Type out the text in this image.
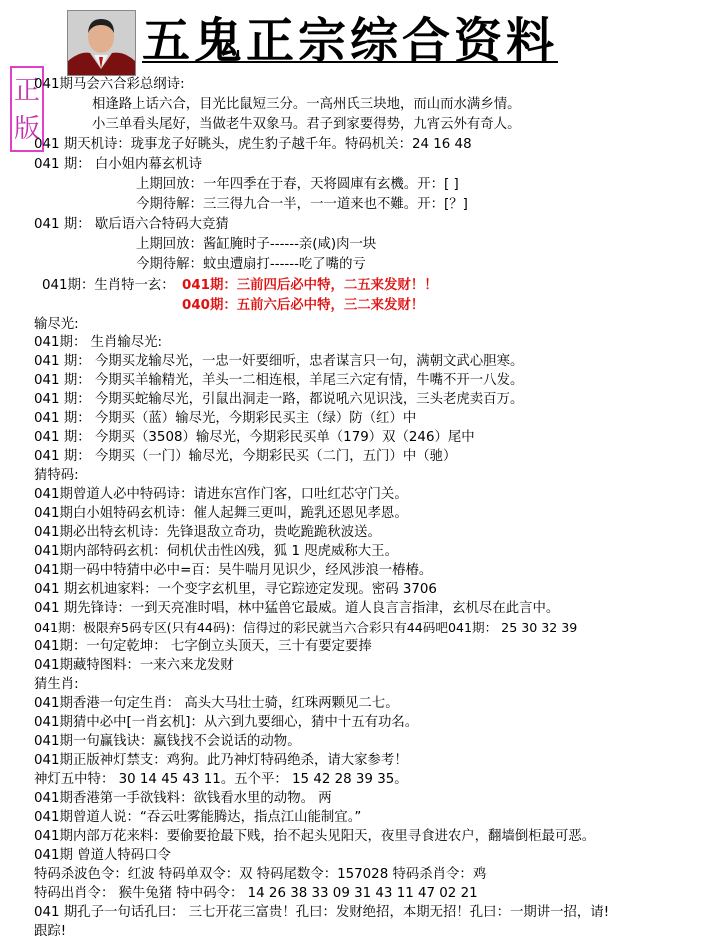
五鬼正宗综合资料
正
版
041期马会六合彩总纲诗:
相逢路上话六合，目光比鼠短三分。一高州氏三块地，而山而水满乡情。
小三单看头尾好，当做老牛双象马。君子到家要得势，九宵云外有奇人。
041 期天机诗：珑事龙子好眺头，虎生豹子越千年。特码机关：24 16 48
041 期： 白小姐内幕玄机诗
上期回放：一年四季在于春，天将圆庫有玄機。开：[ ]
今期待解：三三得九合一半，一一道来也不難。开：[？]
041 期： 歇后语六合特码大竞猜
上期回放：酱缸腌时子------亲(咸)肉一块
今期待解：蚊虫遭扇打------吃了嘴的亏
041期：生肖特一玄： 041期：三前四后必中特，二五来发财！！
040期：五前六后必中特，三二来发财！
输尽光:
041期： 生肖输尽光:
041 期： 今期买龙输尽光，一忠一奸要细听，忠者谋言只一句，满朝文武心胆寒。
041 期： 今期买羊输精光，羊头一二相连根，羊尾三六定有情，牛嘴不开一八发。
041 期： 今期买蛇输尽光，引鼠出洞走一路，都说吼六见识浅，三头老虎卖百万。
041 期： 今期买（蓝）输尽光，今期彩民买主（绿）防（红）中
041 期： 今期买（3508）输尽光，今期彩民买单（179）双（246）尾中
041 期： 今期买（一门）输尽光，今期彩民买（二门，五门）中（驰）
猜特码:
041期曾道人必中特码诗：请进东宫作门客，口吐红芯守门关。
041期白小姐特码玄机诗：催人起舞三更叫，跪乳还恩见孝恩。
041期必出特玄机诗：先锋退敌立奇功，贵屹跪跪秋波送。
041期内部特码玄机：伺机伏击性凶残，狐 1 咫虎威称大王。
041期一码中特猜中必中=百：吴牛喘月见识少，经风涉浪一椿椿。
041 期玄机迪家料：一个变字玄机里，寻它踪迹定发现。密码 3706
041 期先锋诗：一到天亮准时唱，林中猛兽它最威。道人良言言指津，玄机尽在此言中。
041期：极限弃5码专区(只有44码)：信得过的彩民就当六合彩只有44码吧041期： 25 30 32 39
041期：一句定乾坤： 七字倒立头顶天，三十有要定要捧
041期藏特图料：一来六来龙发财
猜生肖:
041期香港一句定生肖： 高头大马壮士骑，红珠两颗见二七。
041期猜中必中[一肖玄机]：从六到九要细心，猜中十五有功名。
041期一句赢钱诀：赢钱找不会说话的动物。
041期正版神灯禁支：鸡狗。此乃神灯特码绝杀，请大家参考！
神灯五中特： 30 14 45 43 11。五个平： 15 42 28 39 35。
041期香港第一手欲钱料：欲钱看水里的动物。 两
041期曾道人说：“吞云吐雾能腾达，指点江山能制宜。”
041期内部万花来料：要偷要抢最下贱，抬不起头见阳天，夜里寻食进农户，翻墙倒柜最可恶。
041期 曾道人特码口令
特码杀波色令：红波 特码单双令：双 特码尾数令：157028 特码杀肖令：鸡
特码出肖令： 猴牛兔猪 特中码令： 14 26 38 33 09 31 43 11 47 02 21
041 期孔子一句话孔曰： 三七开花三富贵！孔曰：发财绝招，本期无招！孔曰：一期讲一招，请!
跟踪!
